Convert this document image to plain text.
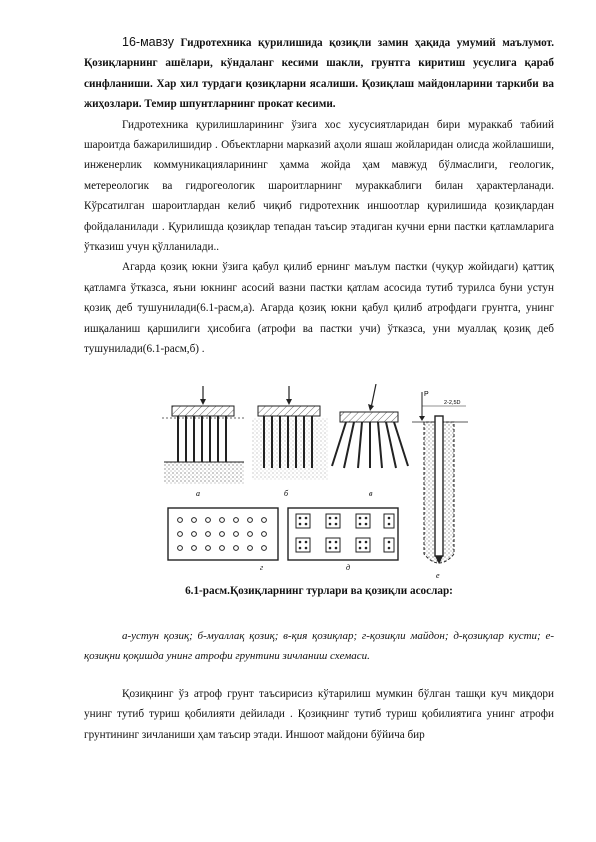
16-мавзу Гидротехника қурилишида қозиқли замин ҳақида умумий маълумот. Қозиқларнинг ашёлари, кўндаланг кесими шакли, грунтга киритиш усуслига қараб синфланиши. Хар хил турдаги қозиқларни ясалиши. Қозиқлаш майдонларини таркиби ва жиҳозлари. Темир шпунтларнинг прокат кесими.

Гидротехника қурилишларининг ўзига хос хусусиятларидан бири мураккаб табиий шароитда бажарилишидир . Объектларни марказий аҳоли яшаш жойларидан олисда жойлашиши, инженерлик коммуникацияларининг ҳамма жойда ҳам мавжуд бўлмаслиги, геологик, метереологик ва гидрогеологик шароитларнинг мураккаблиги билан ҳарактерланади. Кўрсатилган шароитлардан келиб чиқиб гидротехник иншоотлар қурилишида қозиқлардан фойдаланилади . Қурилишда қозиқлар тепадан таъсир этадиган кучни ерни пастки қатламларига ўтказиш учун қўлланилади..

Агарда қозиқ юкни ўзига қабул қилиб ернинг маълум пастки (чуқур жойидаги) қаттиқ қатламга ўтказса, яъни юкнинг асосий вазни пастки қатлам асосида тутиб турилса буни устун қозиқ деб тушунилади(6.1-расм,а). Агарда қозиқ юкни қабул қилиб атрофдаги грунтга, унинг ишқаланиш қаршилиги ҳисобига (атрофи ва пастки учи) ўтказса, уни муаллақ қозиқ деб тушунилади(6.1-расм,б) .

а	б	в
P
2-2,5D
е
г	д
6.1-расм.Қозиқларнинг турлари ва қозиқли асослар:

а-устун қозиқ; б-муаллақ қозиқ; в-қия қозиқлар; г-қозиқли майдон; д-қозиқлар кусти; е-қозиқни қоқишда унинг атрофи грунтини зичланиш схемаси.

Қозиқнинг ўз атроф грунт таъсирисиз кўтарилиш мумкин бўлган ташқи куч миқдори унинг тутиб туриш қобилияти дейилади . Қозиқнинг тутиб туриш қобилиятига унинг атрофи грунтининг зичланиши ҳам таъсир этади. Иншоот майдони бўйича бир
